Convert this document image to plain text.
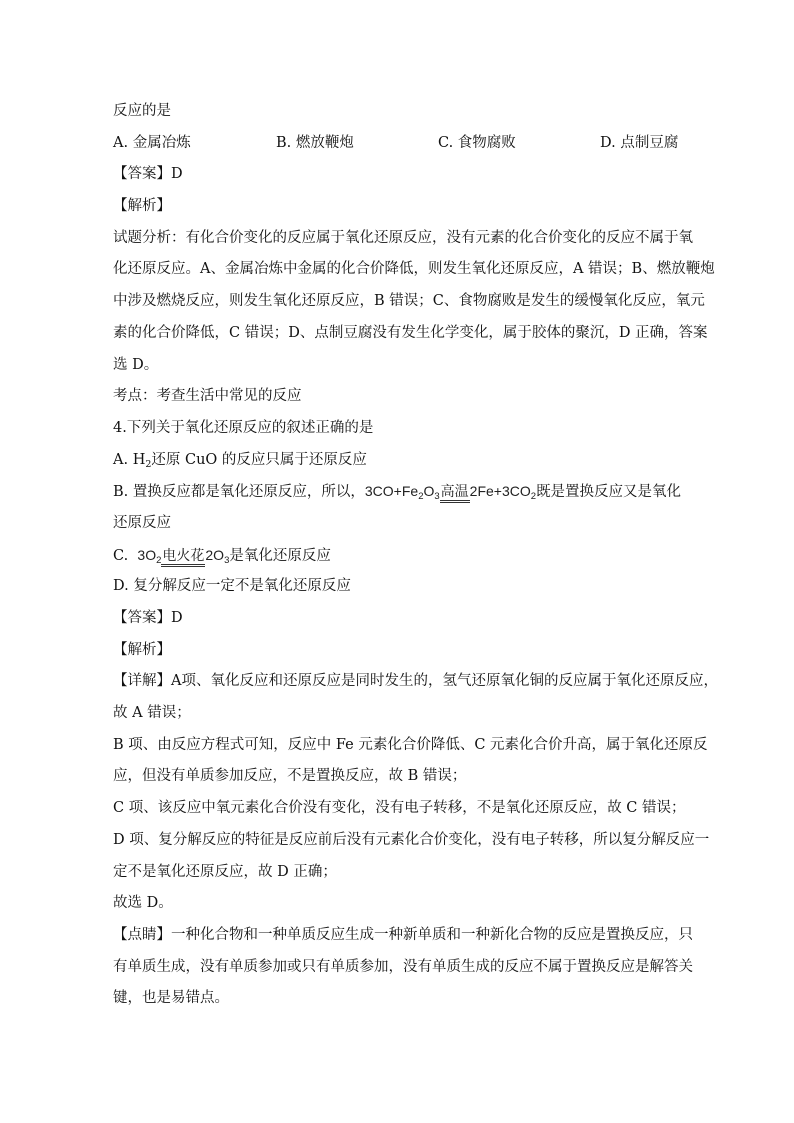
反应的是
A. 金属冶炼	B. 燃放鞭炮	C. 食物腐败	D. 点制豆腐
【答案】D
【解析】
试题分析：有化合价变化的反应属于氧化还原反应，没有元素的化合价变化的反应不属于氧
化还原反应。A、金属冶炼中金属的化合价降低，则发生氧化还原反应，A 错误；B、燃放鞭炮
中涉及燃烧反应，则发生氧化还原反应，B 错误；C、食物腐败是发生的缓慢氧化反应，氧元
素的化合价降低，C 错误；D、点制豆腐没有发生化学变化，属于胶体的聚沉，D 正确，答案
选 D。
考点：考查生活中常见的反应
4.下列关于氧化还原反应的叙述正确的是
A. $H_2$还原 CuO 的反应只属于还原反应
B. 置换反应都是氧化还原反应，所以，$3CO+Fe_2O_3$高温$2Fe+3CO_2$既是置换反应又是氧化
还原反应
C. $3O_2$电火花$2O_3$是氧化还原反应
D. 复分解反应一定不是氧化还原反应
【答案】D
【解析】
【详解】A项、氧化反应和还原反应是同时发生的，氢气还原氧化铜的反应属于氧化还原反应，
故 A 错误；
B 项、由反应方程式可知，反应中 Fe 元素化合价降低、C 元素化合价升高，属于氧化还原反
应，但没有单质参加反应，不是置换反应，故 B 错误；
C 项、该反应中氧元素化合价没有变化，没有电子转移，不是氧化还原反应，故 C 错误；
D 项、复分解反应的特征是反应前后没有元素化合价变化，没有电子转移，所以复分解反应一
定不是氧化还原反应，故 D 正确；
故选 D。
【点睛】一种化合物和一种单质反应生成一种新单质和一种新化合物的反应是置换反应，只
有单质生成，没有单质参加或只有单质参加，没有单质生成的反应不属于置换反应是解答关
键，也是易错点。
